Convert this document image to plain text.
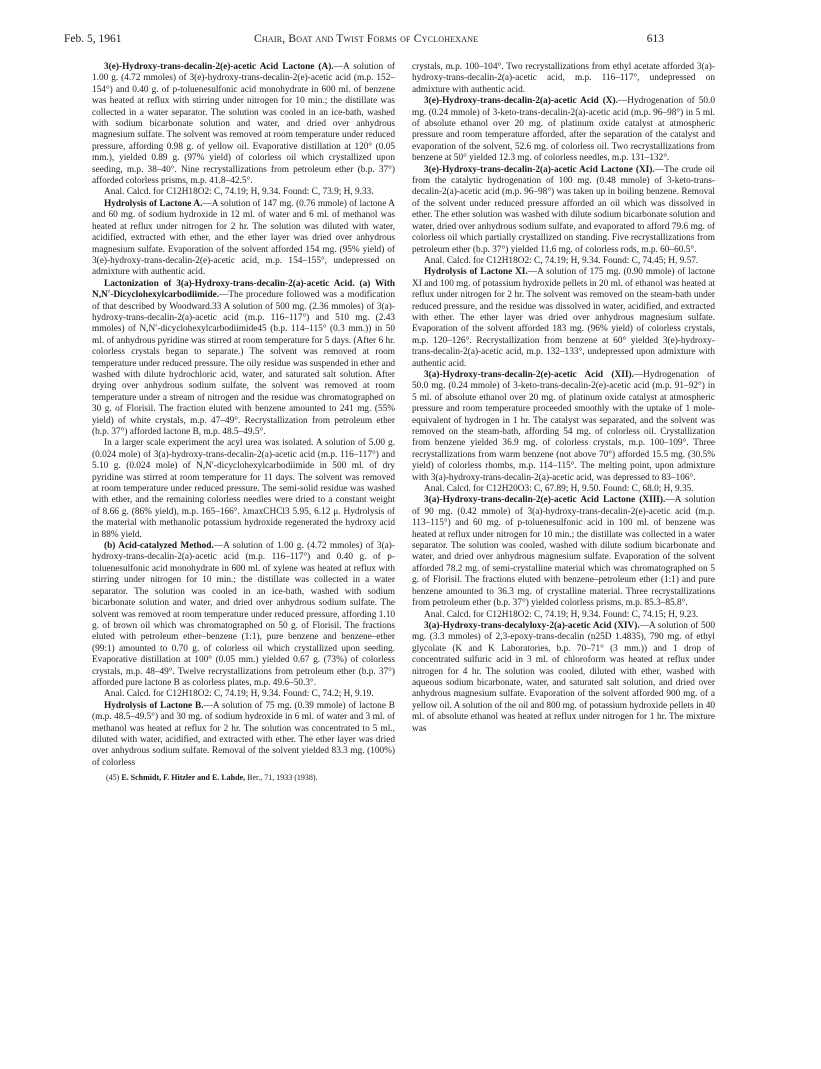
Feb. 5, 1961	Chair, Boat and Twist Forms of Cyclohexane	613

3(e)-Hydroxy-trans-decalin-2(e)-acetic Acid Lactone (A).—A solution of 1.00 g. (4.72 mmoles) of 3(e)-hydroxy-trans-decalin-2(e)-acetic acid (m.p. 152–154°) and 0.40 g. of p-toluenesulfonic acid monohydrate in 600 ml. of benzene was heated at reflux with stirring under nitrogen for 10 min.; the distillate was collected in a water separator. The solution was cooled in an ice-bath, washed with sodium bicarbonate solution and water, and dried over anhydrous magnesium sulfate. The solvent was removed at room temperature under reduced pressure, affording 0.98 g. of yellow oil. Evaporative distillation at 120° (0.05 mm.), yielded 0.89 g. (97% yield) of colorless oil which crystallized upon seeding, m.p. 38–40°. Nine recrystallizations from petroleum ether (b.p. 37°) afforded colorless prisms, m.p. 41.8–42.5°.

Anal. Calcd. for C12H18O2: C, 74.19; H, 9.34. Found: C, 73.9; H, 9.33.

Hydrolysis of Lactone A.—A solution of 147 mg. (0.76 mmole) of lactone A and 60 mg. of sodium hydroxide in 12 ml. of water and 6 ml. of methanol was heated at reflux under nitrogen for 2 hr. The solution was diluted with water, acidified, extracted with ether, and the ether layer was dried over anhydrous magnesium sulfate. Evaporation of the solvent afforded 154 mg. (95% yield) of 3(e)-hydroxy-trans-decalin-2(e)-acetic acid, m.p. 154–155°, undepressed on admixture with authentic acid.

Lactonization of 3(a)-Hydroxy-trans-decalin-2(a)-acetic Acid. (a) With N,N′-Dicyclohexylcarbodiimide.—The procedure followed was a modification of that described by Woodward.33 A solution of 500 mg. (2.36 mmoles) of 3(a)-hydroxy-trans-decalin-2(a)-acetic acid (m.p. 116–117°) and 510 mg. (2.43 mmoles) of N,N′-dicyclohexylcarbodiimide45 (b.p. 114–115° (0.3 mm.)) in 50 ml. of anhydrous pyridine was stirred at room temperature for 5 days. (After 6 hr. colorless crystals began to separate.) The solvent was removed at room temperature under reduced pressure. The oily residue was suspended in ether and washed with dilute hydrochloric acid, water, and saturated salt solution. After drying over anhydrous sodium sulfate, the solvent was removed at room temperature under a stream of nitrogen and the residue was chromatographed on 30 g. of Florisil. The fraction eluted with benzene amounted to 241 mg. (55% yield) of white crystals, m.p. 47–49°. Recrystallization from petroleum ether (b.p. 37°) afforded lactone B, m.p. 48.5–49.5°.

In a larger scale experiment the acyl urea was isolated. A solution of 5.00 g. (0.024 mole) of 3(a)-hydroxy-trans-decalin-2(a)-acetic acid (m.p. 116–117°) and 5.10 g. (0.024 mole) of N,N′-dicyclohexylcarbodiimide in 500 ml. of dry pyridine was stirred at room temperature for 11 days. The solvent was removed at room temperature under reduced pressure. The semi-solid residue was washed with ether, and the remaining colorless needles were dried to a constant weight of 8.66 g. (86% yield), m.p. 165–166°. λmaxCHCl3 5.95, 6.12 μ. Hydrolysis of the material with methanolic potassium hydroxide regenerated the hydroxy acid in 88% yield.

(b) Acid-catalyzed Method.—A solution of 1.00 g. (4.72 mmoles) of 3(a)-hydroxy-trans-decalin-2(a)-acetic acid (m.p. 116–117°) and 0.40 g. of p-toluenesulfonic acid monohydrate in 600 ml. of xylene was heated at reflux with stirring under nitrogen for 10 min.; the distillate was collected in a water separator. The solution was cooled in an ice-bath, washed with sodium bicarbonate solution and water, and dried over anhydrous sodium sulfate. The solvent was removed at room temperature under reduced pressure, affording 1.10 g. of brown oil which was chromatographed on 50 g. of Florisil. The fractions eluted with petroleum ether–benzene (1:1), pure benzene and benzene–ether (99:1) amounted to 0.70 g. of colorless oil which crystallized upon seeding. Evaporative distillation at 100° (0.05 mm.) yielded 0.67 g. (73%) of colorless crystals, m.p. 48–49°. Twelve recrystallizations from petroleum ether (b.p. 37°) afforded pure lactone B as colorless plates, m.p. 49.6–50.3°.

Anal. Calcd. for C12H18O2: C, 74.19; H, 9.34. Found: C, 74.2; H, 9.19.

Hydrolysis of Lactone B.—A solution of 75 mg. (0.39 mmole) of lactone B (m.p. 48.5–49.5°) and 30 mg. of sodium hydroxide in 6 ml. of water and 3 ml. of methanol was heated at reflux for 2 hr. The solution was concentrated to 5 ml., diluted with water, acidified, and extracted with ether. The ether layer was dried over anhydrous sodium sulfate. Removal of the solvent yielded 83.3 mg. (100%) of colorless

(45) E. Schmidt, F. Hitzler and E. Lahde, Ber., 71, 1933 (1938).

crystals, m.p. 100–104°. Two recrystallizations from ethyl acetate afforded 3(a)-hydroxy-trans-decalin-2(a)-acetic acid, m.p. 116–117°, undepressed on admixture with authentic acid.

3(e)-Hydroxy-trans-decalin-2(a)-acetic Acid (X).—Hydrogenation of 50.0 mg. (0.24 mmole) of 3-keto-trans-decalin-2(a)-acetic acid (m.p. 96–98°) in 5 ml. of absolute ethanol over 20 mg. of platinum oxide catalyst at atmospheric pressure and room temperature afforded, after the separation of the catalyst and evaporation of the solvent, 52.6 mg. of colorless oil. Two recrystallizations from benzene at 50° yielded 12.3 mg. of colorless needles, m.p. 131–132°.

3(e)-Hydroxy-trans-decalin-2(a)-acetic Acid Lactone (XI).—The crude oil from the catalytic hydrogenation of 100 mg. (0.48 mmole) of 3-keto-trans-decalin-2(a)-acetic acid (m.p. 96–98°) was taken up in boiling benzene. Removal of the solvent under reduced pressure afforded an oil which was dissolved in ether. The ether solution was washed with dilute sodium bicarbonate solution and water, dried over anhydrous sodium sulfate, and evaporated to afford 79.6 mg. of colorless oil which partially crystallized on standing. Five recrystallizations from petroleum ether (b.p. 37°) yielded 11.6 mg. of colorless rods, m.p. 60–60.5°.

Anal. Calcd. for C12H18O2: C, 74.19; H, 9.34. Found: C, 74.45; H, 9.57.

Hydrolysis of Lactone XI.—A solution of 175 mg. (0.90 mmole) of lactone XI and 100 mg. of potassium hydroxide pellets in 20 ml. of ethanol was heated at reflux under nitrogen for 2 hr. The solvent was removed on the steam-bath under reduced pressure, and the residue was dissolved in water, acidified, and extracted with ether. The ether layer was dried over anhydrous magnesium sulfate. Evaporation of the solvent afforded 183 mg. (96% yield) of colorless crystals, m.p. 120–126°. Recrystallization from benzene at 60° yielded 3(e)-hydroxy-trans-decalin-2(a)-acetic acid, m.p. 132–133°, undepressed upon admixture with authentic acid.

3(a)-Hydroxy-trans-decalin-2(e)-acetic Acid (XII).—Hydrogenation of 50.0 mg. (0.24 mmole) of 3-keto-trans-decalin-2(e)-acetic acid (m.p. 91–92°) in 5 ml. of absolute ethanol over 20 mg. of platinum oxide catalyst at atmospheric pressure and room temperature proceeded smoothly with the uptake of 1 mole-equivalent of hydrogen in 1 hr. The catalyst was separated, and the solvent was removed on the steam-bath, affording 54 mg. of colorless oil. Crystallization from benzene yielded 36.9 mg. of colorless crystals, m.p. 100–109°. Three recrystallizations from warm benzene (not above 70°) afforded 15.5 mg. (30.5% yield) of colorless rhombs, m.p. 114–115°. The melting point, upon admixture with 3(a)-hydroxy-trans-decalin-2(a)-acetic acid, was depressed to 83–106°.

Anal. Calcd. for C12H20O3: C, 67.89; H, 9.50. Found: C, 68.0; H, 9.35.

3(a)-Hydroxy-trans-decalin-2(e)-acetic Acid Lactone (XIII).—A solution of 90 mg. (0.42 mmole) of 3(a)-hydroxy-trans-decalin-2(e)-acetic acid (m.p. 113–115°) and 60 mg. of p-toluenesulfonic acid in 100 ml. of benzene was heated at reflux under nitrogen for 10 min.; the distillate was collected in a water separator. The solution was cooled, washed with dilute sodium bicarbonate and water, and dried over anhydrous magnesium sulfate. Evaporation of the solvent afforded 78.2 mg. of semi-crystalline material which was chromatographed on 5 g. of Florisil. The fractions eluted with benzene–petroleum ether (1:1) and pure benzene amounted to 36.3 mg. of crystalline material. Three recrystallizations from petroleum ether (b.p. 37°) yielded colorless prisms, m.p. 85.3–85.8°.

Anal. Calcd. for C12H18O2: C, 74.19; H, 9.34. Found: C, 74.15; H, 9.23.

3(a)-Hydroxy-trans-decalyloxy-2(a)-acetic Acid (XIV).—A solution of 500 mg. (3.3 mmoles) of 2,3-epoxy-trans-decalin (n25D 1.4835), 790 mg. of ethyl glycolate (K and K Laboratories, b.p. 70–71° (3 mm.)) and 1 drop of concentrated sulfuric acid in 3 ml. of chloroform was heated at reflux under nitrogen for 4 hr. The solution was cooled, diluted with ether, washed with aqueous sodium bicarbonate, water, and saturated salt solution, and dried over anhydrous magnesium sulfate. Evaporation of the solvent afforded 900 mg. of a yellow oil. A solution of the oil and 800 mg. of potassium hydroxide pellets in 40 ml. of absolute ethanol was heated at reflux under nitrogen for 1 hr. The mixture was
